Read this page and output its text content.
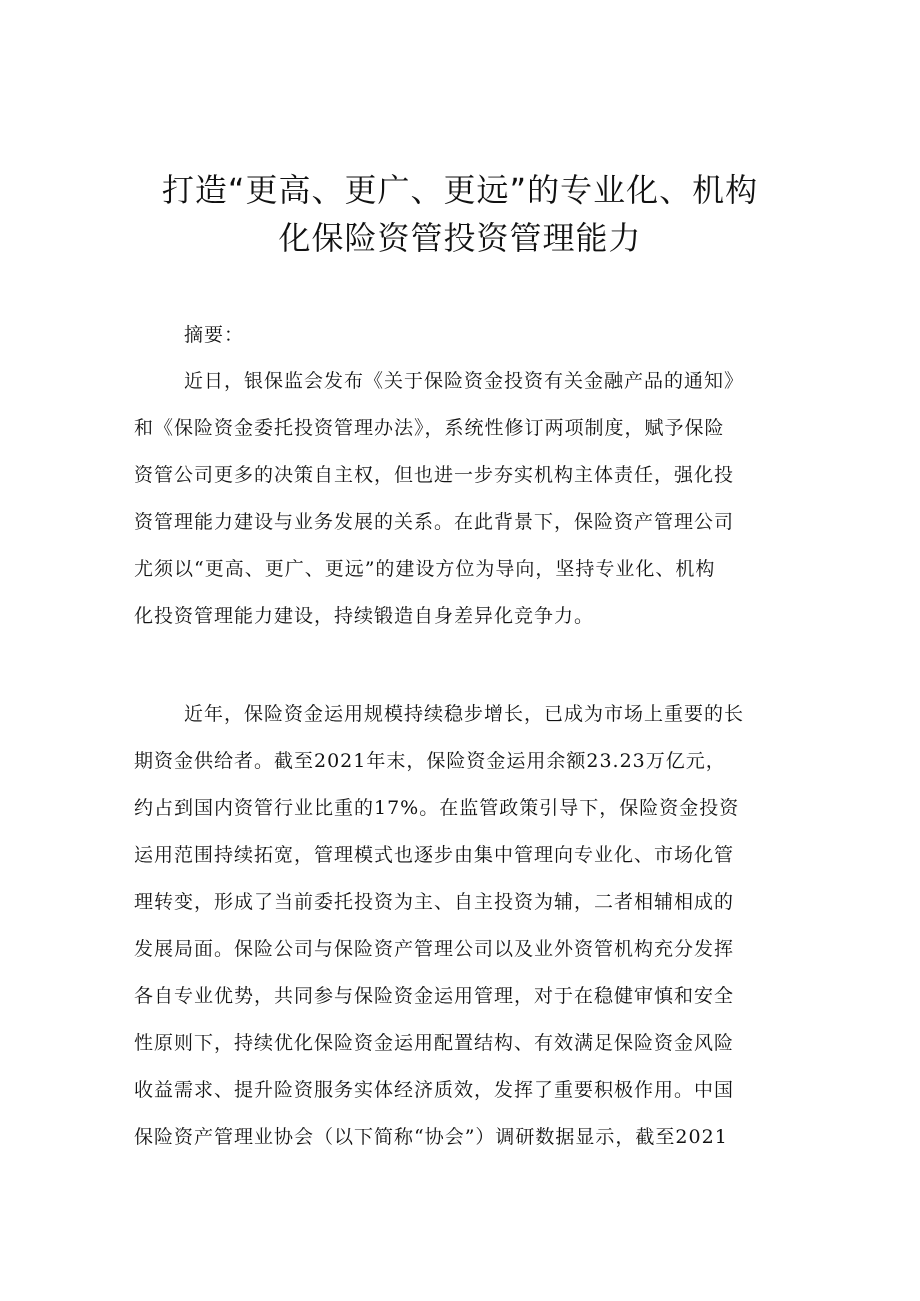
打造“更高、更广、更远”的专业化、机构
化保险资管投资管理能力
摘要：
近日，银保监会发布《关于保险资金投资有关金融产品的通知》
和《保险资金委托投资管理办法》，系统性修订两项制度，赋予保险
资管公司更多的决策自主权，但也进一步夯实机构主体责任，强化投
资管理能力建设与业务发展的关系。在此背景下，保险资产管理公司
尤须以“更高、更广、更远”的建设方位为导向，坚持专业化、机构
化投资管理能力建设，持续锻造自身差异化竞争力。
近年，保险资金运用规模持续稳步增长，已成为市场上重要的长
期资金供给者。截至2021年末，保险资金运用余额23.23万亿元，
约占到国内资管行业比重的17%。在监管政策引导下，保险资金投资
运用范围持续拓宽，管理模式也逐步由集中管理向专业化、市场化管
理转变，形成了当前委托投资为主、自主投资为辅，二者相辅相成的
发展局面。保险公司与保险资产管理公司以及业外资管机构充分发挥
各自专业优势，共同参与保险资金运用管理，对于在稳健审慎和安全
性原则下，持续优化保险资金运用配置结构、有效满足保险资金风险
收益需求、提升险资服务实体经济质效，发挥了重要积极作用。中国
保险资产管理业协会（以下简称“协会”）调研数据显示，截至2021
